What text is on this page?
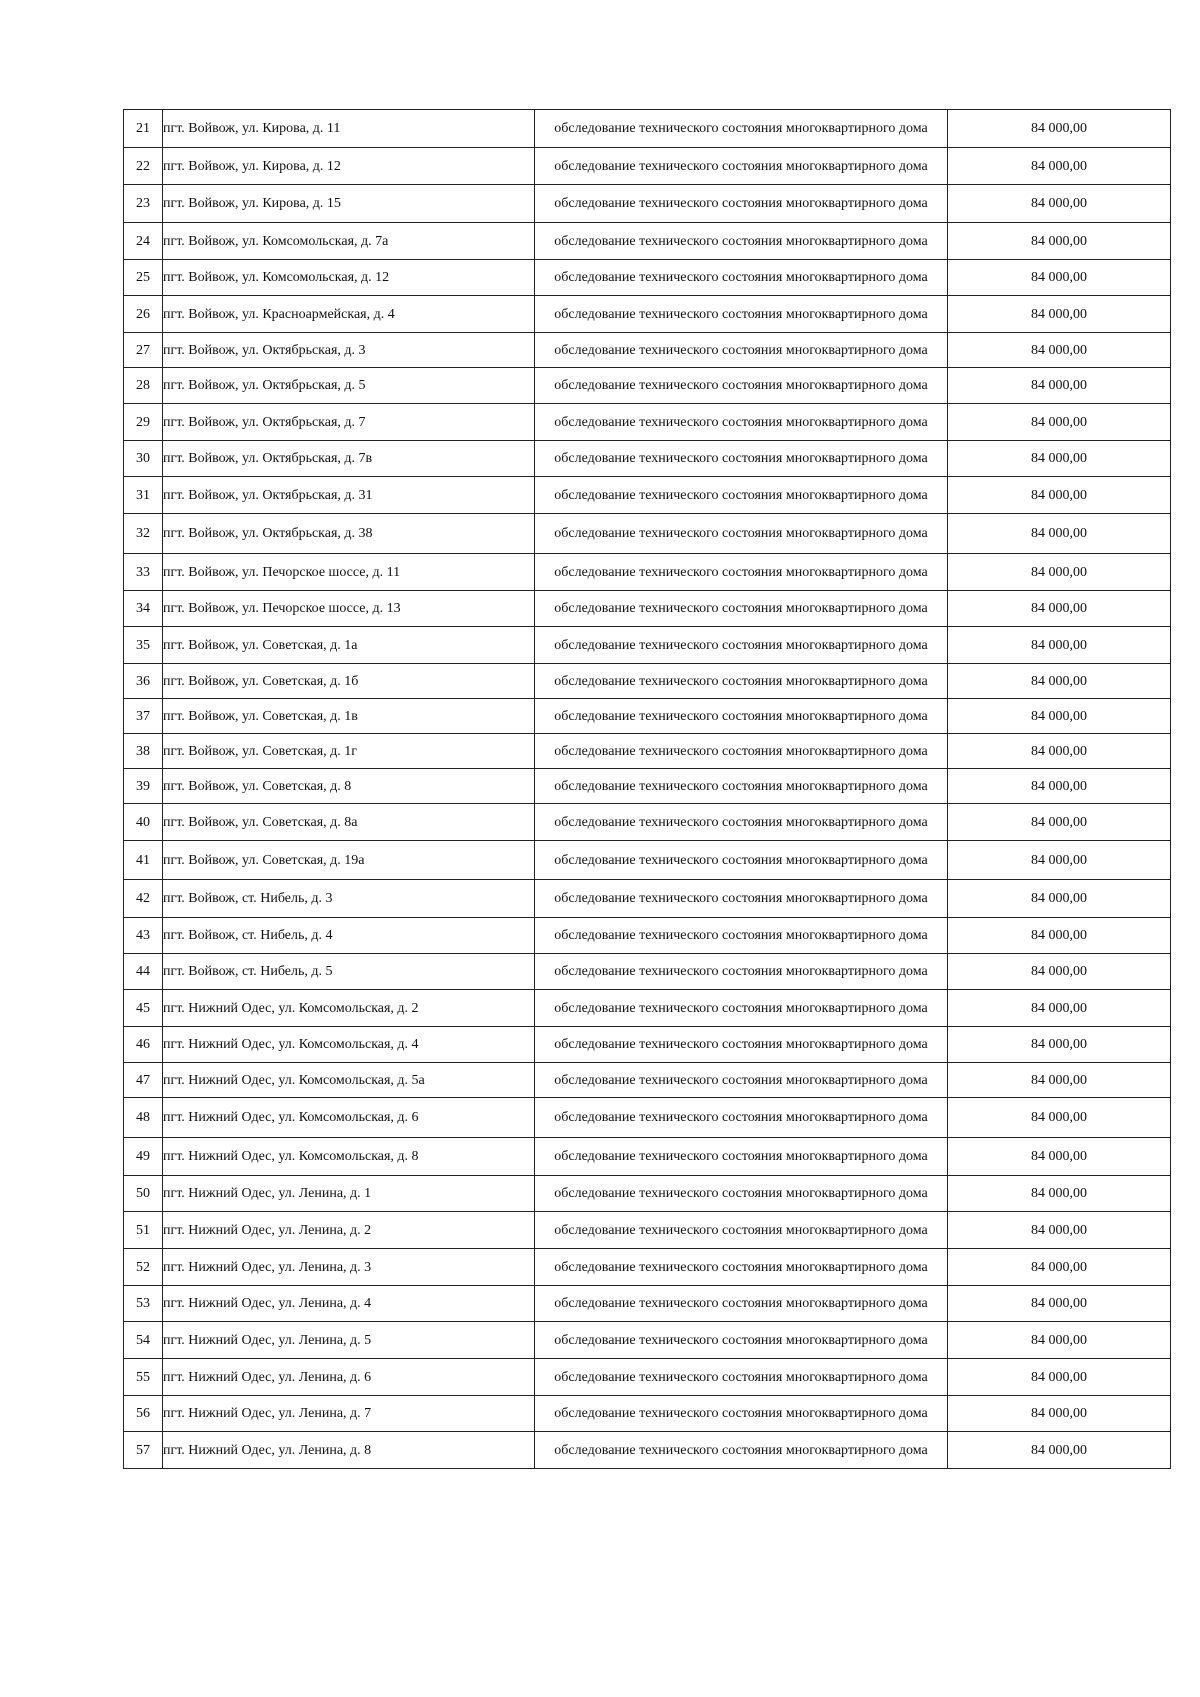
21	пгт. Войвож, ул. Кирова, д. 11	обследование технического состояния многоквартирного дома	84 000,00
22	пгт. Войвож, ул. Кирова, д. 12	обследование технического состояния многоквартирного дома	84 000,00
23	пгт. Войвож, ул. Кирова, д. 15	обследование технического состояния многоквартирного дома	84 000,00
24	пгт. Войвож, ул. Комсомольская, д. 7а	обследование технического состояния многоквартирного дома	84 000,00
25	пгт. Войвож, ул. Комсомольская, д. 12	обследование технического состояния многоквартирного дома	84 000,00
26	пгт. Войвож, ул. Красноармейская, д. 4	обследование технического состояния многоквартирного дома	84 000,00
27	пгт. Войвож, ул. Октябрьская, д. 3	обследование технического состояния многоквартирного дома	84 000,00
28	пгт. Войвож, ул. Октябрьская, д. 5	обследование технического состояния многоквартирного дома	84 000,00
29	пгт. Войвож, ул. Октябрьская, д. 7	обследование технического состояния многоквартирного дома	84 000,00
30	пгт. Войвож, ул. Октябрьская, д. 7в	обследование технического состояния многоквартирного дома	84 000,00
31	пгт. Войвож, ул. Октябрьская, д. 31	обследование технического состояния многоквартирного дома	84 000,00
32	пгт. Войвож, ул. Октябрьская, д. 38	обследование технического состояния многоквартирного дома	84 000,00
33	пгт. Войвож, ул. Печорское шоссе, д. 11	обследование технического состояния многоквартирного дома	84 000,00
34	пгт. Войвож, ул. Печорское шоссе, д. 13	обследование технического состояния многоквартирного дома	84 000,00
35	пгт. Войвож, ул. Советская, д. 1а	обследование технического состояния многоквартирного дома	84 000,00
36	пгт. Войвож, ул. Советская, д. 1б	обследование технического состояния многоквартирного дома	84 000,00
37	пгт. Войвож, ул. Советская, д. 1в	обследование технического состояния многоквартирного дома	84 000,00
38	пгт. Войвож, ул. Советская, д. 1г	обследование технического состояния многоквартирного дома	84 000,00
39	пгт. Войвож, ул. Советская, д. 8	обследование технического состояния многоквартирного дома	84 000,00
40	пгт. Войвож, ул. Советская, д. 8а	обследование технического состояния многоквартирного дома	84 000,00
41	пгт. Войвож, ул. Советская, д. 19а	обследование технического состояния многоквартирного дома	84 000,00
42	пгт. Войвож, ст. Нибель, д. 3	обследование технического состояния многоквартирного дома	84 000,00
43	пгт. Войвож, ст. Нибель, д. 4	обследование технического состояния многоквартирного дома	84 000,00
44	пгт. Войвож, ст. Нибель, д. 5	обследование технического состояния многоквартирного дома	84 000,00
45	пгт. Нижний Одес, ул. Комсомольская, д. 2	обследование технического состояния многоквартирного дома	84 000,00
46	пгт. Нижний Одес, ул. Комсомольская, д. 4	обследование технического состояния многоквартирного дома	84 000,00
47	пгт. Нижний Одес, ул. Комсомольская, д. 5а	обследование технического состояния многоквартирного дома	84 000,00
48	пгт. Нижний Одес, ул. Комсомольская, д. 6	обследование технического состояния многоквартирного дома	84 000,00
49	пгт. Нижний Одес, ул. Комсомольская, д. 8	обследование технического состояния многоквартирного дома	84 000,00
50	пгт. Нижний Одес, ул. Ленина, д. 1	обследование технического состояния многоквартирного дома	84 000,00
51	пгт. Нижний Одес, ул. Ленина, д. 2	обследование технического состояния многоквартирного дома	84 000,00
52	пгт. Нижний Одес, ул. Ленина, д. 3	обследование технического состояния многоквартирного дома	84 000,00
53	пгт. Нижний Одес, ул. Ленина, д. 4	обследование технического состояния многоквартирного дома	84 000,00
54	пгт. Нижний Одес, ул. Ленина, д. 5	обследование технического состояния многоквартирного дома	84 000,00
55	пгт. Нижний Одес, ул. Ленина, д. 6	обследование технического состояния многоквартирного дома	84 000,00
56	пгт. Нижний Одес, ул. Ленина, д. 7	обследование технического состояния многоквартирного дома	84 000,00
57	пгт. Нижний Одес, ул. Ленина, д. 8	обследование технического состояния многоквартирного дома	84 000,00
